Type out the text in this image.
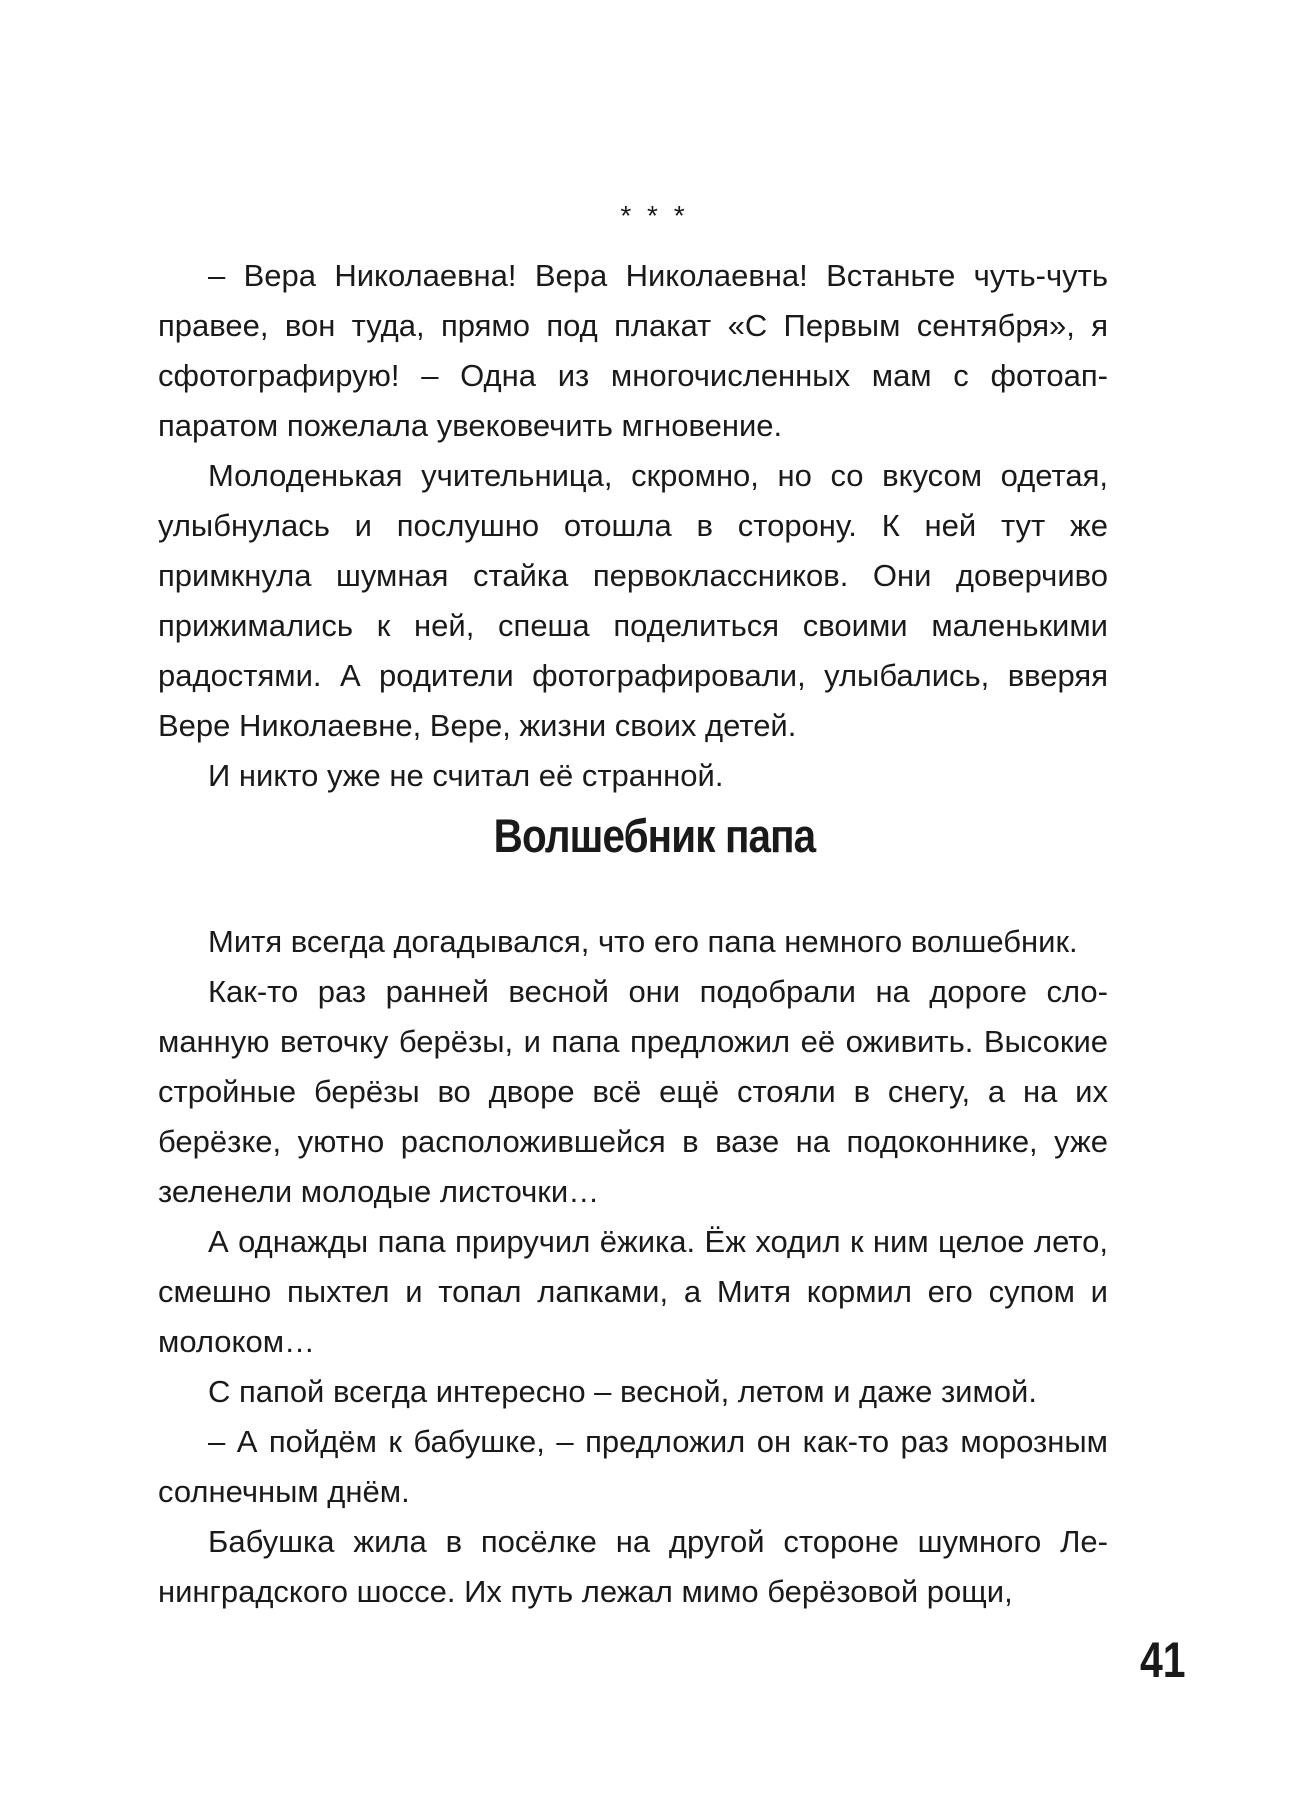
* * *

– Вера Николаевна! Вера Николаевна! Встаньте чуть-чуть правее, вон туда, прямо под плакат «С Первым сентября», я сфотографирую! – Одна из многочисленных мам с фотоаппаратом пожелала увековечить мгновение.

Молоденькая учительница, скромно, но со вкусом одетая, улыбнулась и послушно отошла в сторону. К ней тут же примкнула шумная стайка первоклассников. Они доверчиво прижимались к ней, спеша поделиться своими маленькими радостями. А родители фотографировали, улыбались, вверяя Вере Николаевне, Вере, жизни своих детей.

И никто уже не считал её странной.

Волшебник папа

Митя всегда догадывался, что его папа немного волшебник.

Как-то раз ранней весной они подобрали на дороге сломанную веточку берёзы, и папа предложил её оживить. Высокие стройные берёзы во дворе всё ещё стояли в снегу, а на их берёзке, уютно расположившейся в вазе на подоконнике, уже зеленели молодые листочки…

А однажды папа приручил ёжика. Ёж ходил к ним целое лето, смешно пыхтел и топал лапками, а Митя кормил его супом и молоком…

С папой всегда интересно – весной, летом и даже зимой.

– А пойдём к бабушке, – предложил он как-то раз морозным солнечным днём.

Бабушка жила в посёлке на другой стороне шумного Ленинградского шоссе. Их путь лежал мимо берёзовой рощи,

41
